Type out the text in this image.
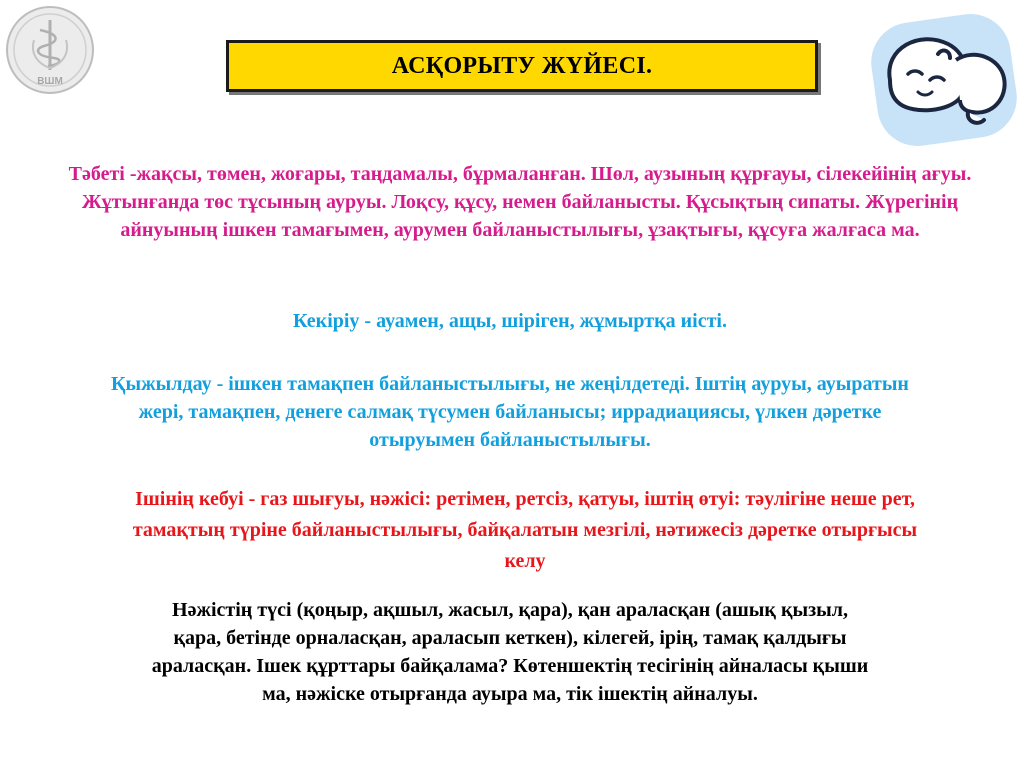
ВШМ
АСҚОРЫТУ ЖҮЙЕСІ.

Тәбеті -жақсы, төмен, жоғары, таңдамалы, бұрмаланған. Шөл, аузының құрғауы, сілекейінің ағуы. Жұтынғанда төс тұсының ауруы. Лоқсу, құсу, немен байланысты. Құсықтың сипаты. Жүрегінің айнуының ішкен тамағымен, аурумен байланыстылығы, ұзақтығы, құсуға жалғаса ма.

Кекіріу - ауамен, ащы, шіріген, жұмыртқа иісті.

Қыжылдау - ішкен тамақпен байланыстылығы, не жеңілдетеді. Іштің ауруы, ауыратын жері, тамақпен, денеге салмақ түсумен байланысы; иррадиациясы, үлкен дәретке отыруымен байланыстылығы.

Ішінің кебуі - газ шығуы, нәжісі: ретімен, ретсіз, қатуы, іштің өтуі: тәулігіне неше рет, тамақтың түріне байланыстылығы, байқалатын мезгілі, нәтижесіз дәретке отырғысы келу

Нәжістің түсі (қоңыр, ақшыл, жасыл, қара), қан араласқан (ашық қызыл, қара, бетінде орналасқан, араласып кеткен), кілегей, ірің, тамақ қалдығы араласқан. Ішек құрттары байқалама? Көтеншектің тесігінің айналасы қыши ма, нәжіске отырғанда ауыра ма, тік ішектің айналуы.
